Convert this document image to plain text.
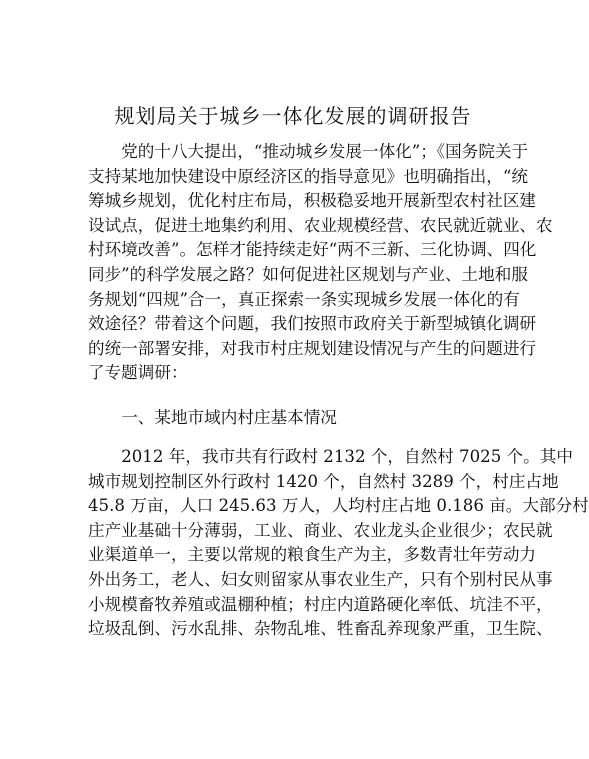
规划局关于城乡一体化发展的调研报告
党的十八大提出，“推动城乡发展一体化”；《国务院关于
支持某地加快建设中原经济区的指导意见》也明确指出，“统
筹城乡规划，优化村庄布局，积极稳妥地开展新型农村社区建
设试点，促进土地集约利用、农业规模经营、农民就近就业、农
村环境改善”。怎样才能持续走好“两不三新、三化协调、四化
同步”的科学发展之路？如何促进社区规划与产业、土地和服
务规划“四规”合一，真正探索一条实现城乡发展一体化的有
效途径？带着这个问题，我们按照市政府关于新型城镇化调研
的统一部署安排，对我市村庄规划建设情况与产生的问题进行
了专题调研：
一、某地市域内村庄基本情况
2012 年，我市共有行政村 2132 个，自然村 7025 个。其中
城市规划控制区外行政村 1420 个，自然村 3289 个，村庄占地
45.8 万亩，人口 245.63 万人，人均村庄占地 0.186 亩。大部分村
庄产业基础十分薄弱，工业、商业、农业龙头企业很少；农民就
业渠道单一，主要以常规的粮食生产为主，多数青壮年劳动力
外出务工，老人、妇女则留家从事农业生产，只有个别村民从事
小规模畜牧养殖或温棚种植；村庄内道路硬化率低、坑洼不平，
垃圾乱倒、污水乱排、杂物乱堆、牲畜乱养现象严重，卫生院、
